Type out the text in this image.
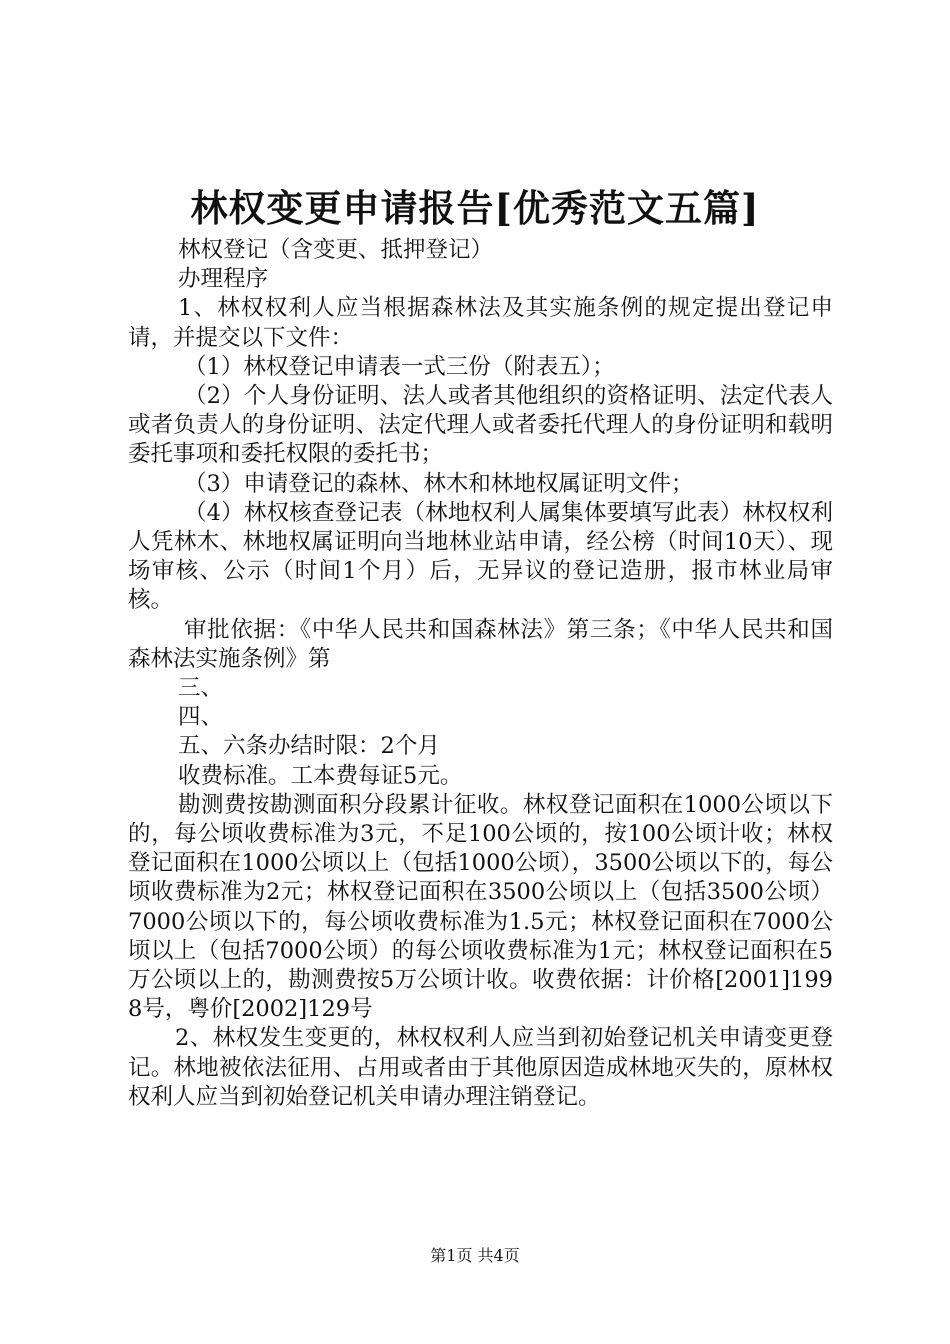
林权变更申请报告[优秀范文五篇]

林权登记（含变更、抵押登记）

办理程序

1、林权权利人应当根据森林法及其实施条例的规定提出登记申请，并提交以下文件：

（1）林权登记申请表一式三份（附表五）；

（2）个人身份证明、法人或者其他组织的资格证明、法定代表人或者负责人的身份证明、法定代理人或者委托代理人的身份证明和载明委托事项和委托权限的委托书；

（3）申请登记的森林、林木和林地权属证明文件；

（4）林权核查登记表（林地权利人属集体要填写此表）林权权利人凭林木、林地权属证明向当地林业站申请，经公榜（时间10天）、现场审核、公示（时间1个月）后，无异议的登记造册，报市林业局审核。

审批依据：《中华人民共和国森林法》第三条；《中华人民共和国森林法实施条例》第

三、

四、

五、六条办结时限：2个月

收费标准。工本费每证5元。

勘测费按勘测面积分段累计征收。林权登记面积在1000公顷以下的，每公顷收费标准为3元，不足100公顷的，按100公顷计收；林权登记面积在1000公顷以上（包括1000公顷），3500公顷以下的，每公顷收费标准为2元；林权登记面积在3500公顷以上（包括3500公顷）7000公顷以下的，每公顷收费标准为1.5元；林权登记面积在7000公顷以上（包括7000公顷）的每公顷收费标准为1元；林权登记面积在5万公顷以上的，勘测费按5万公顷计收。收费依据：计价格[2001]1998号，粤价[2002]129号

2、林权发生变更的，林权权利人应当到初始登记机关申请变更登记。林地被依法征用、占用或者由于其他原因造成林地灭失的，原林权权利人应当到初始登记机关申请办理注销登记。

第1页 共4页
